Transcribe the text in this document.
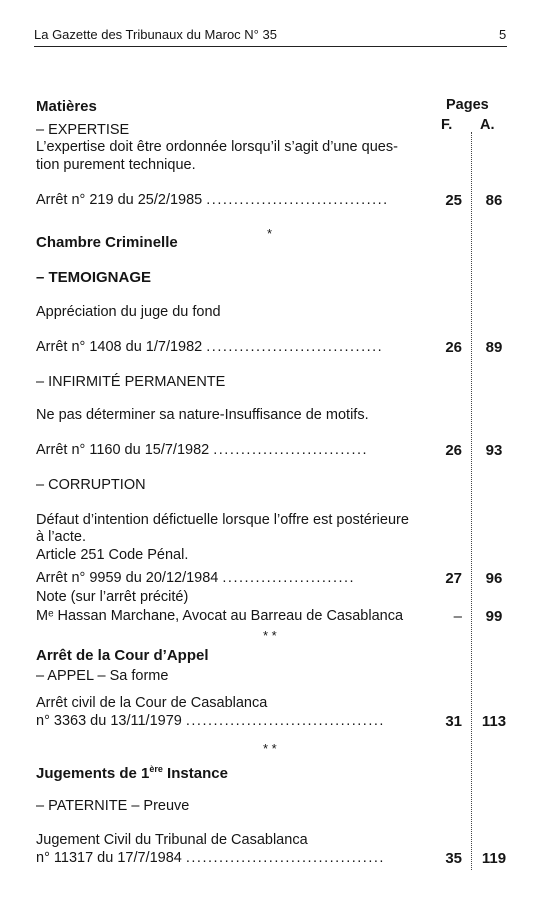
La Gazette des Tribunaux du Maroc N° 35	5
Matières	Pages
F. A.
– EXPERTISE
L’expertise doit être ordonnée lorsqu’il s’agit d’une ques-
tion purement technique.
Arrêt n° 219 du 25/2/1985 .................................	25	86
*
Chambre Criminelle
– TEMOIGNAGE
Appréciation du juge du fond
Arrêt n° 1408 du 1/7/1982 ................................	26	89
– INFIRMITÉ PERMANENTE
Ne pas déterminer sa nature-Insuffisance de motifs.
Arrêt n° 1160 du 15/7/1982 ............................	26	93
– CORRUPTION
Défaut d’intention défictuelle lorsque l’offre est postérieure
à l’acte.
Article 251 Code Pénal.
Arrêt n° 9959 du 20/12/1984 ........................	27	96
Note (sur l’arrêt précité)
Mᵉ Hassan Marchane, Avocat au Barreau de Casablanca	–	99
* *
Arrêt de la Cour d’Appel
– APPEL – Sa forme
Arrêt civil de la Cour de Casablanca
n° 3363 du 13/11/1979 ....................................	31 113
* *
Jugements de 1ère Instance
– PATERNITE – Preuve
Jugement Civil du Tribunal de Casablanca
n° 11317 du 17/7/1984 ....................................	35 119
